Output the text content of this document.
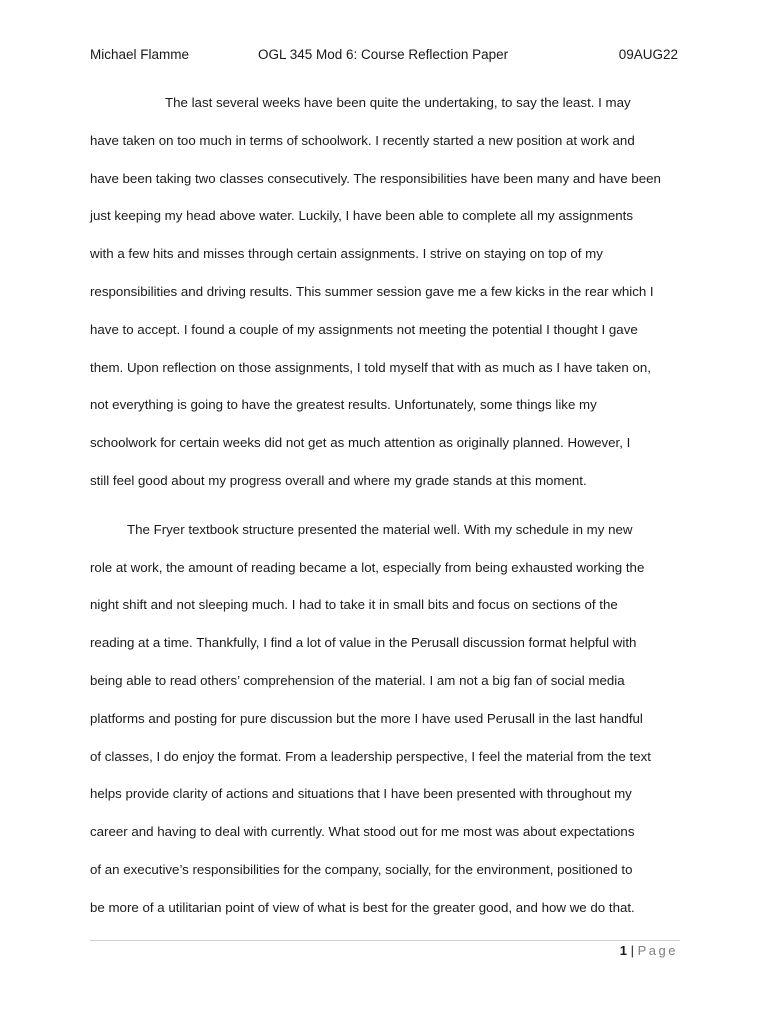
Michael Flamme	OGL 345 Mod 6: Course Reflection Paper	09AUG22
The last several weeks have been quite the undertaking, to say the least. I may
have taken on too much in terms of schoolwork. I recently started a new position at work and
have been taking two classes consecutively. The responsibilities have been many and have been
just keeping my head above water. Luckily, I have been able to complete all my assignments
with a few hits and misses through certain assignments. I strive on staying on top of my
responsibilities and driving results. This summer session gave me a few kicks in the rear which I
have to accept. I found a couple of my assignments not meeting the potential I thought I gave
them. Upon reflection on those assignments, I told myself that with as much as I have taken on,
not everything is going to have the greatest results. Unfortunately, some things like my
schoolwork for certain weeks did not get as much attention as originally planned. However, I
still feel good about my progress overall and where my grade stands at this moment.
The Fryer textbook structure presented the material well. With my schedule in my new
role at work, the amount of reading became a lot, especially from being exhausted working the
night shift and not sleeping much. I had to take it in small bits and focus on sections of the
reading at a time. Thankfully, I find a lot of value in the Perusall discussion format helpful with
being able to read others’ comprehension of the material. I am not a big fan of social media
platforms and posting for pure discussion but the more I have used Perusall in the last handful
of classes, I do enjoy the format. From a leadership perspective, I feel the material from the text
helps provide clarity of actions and situations that I have been presented with throughout my
career and having to deal with currently. What stood out for me most was about expectations
of an executive’s responsibilities for the company, socially, for the environment, positioned to
be more of a utilitarian point of view of what is best for the greater good, and how we do that.
1 | Page
